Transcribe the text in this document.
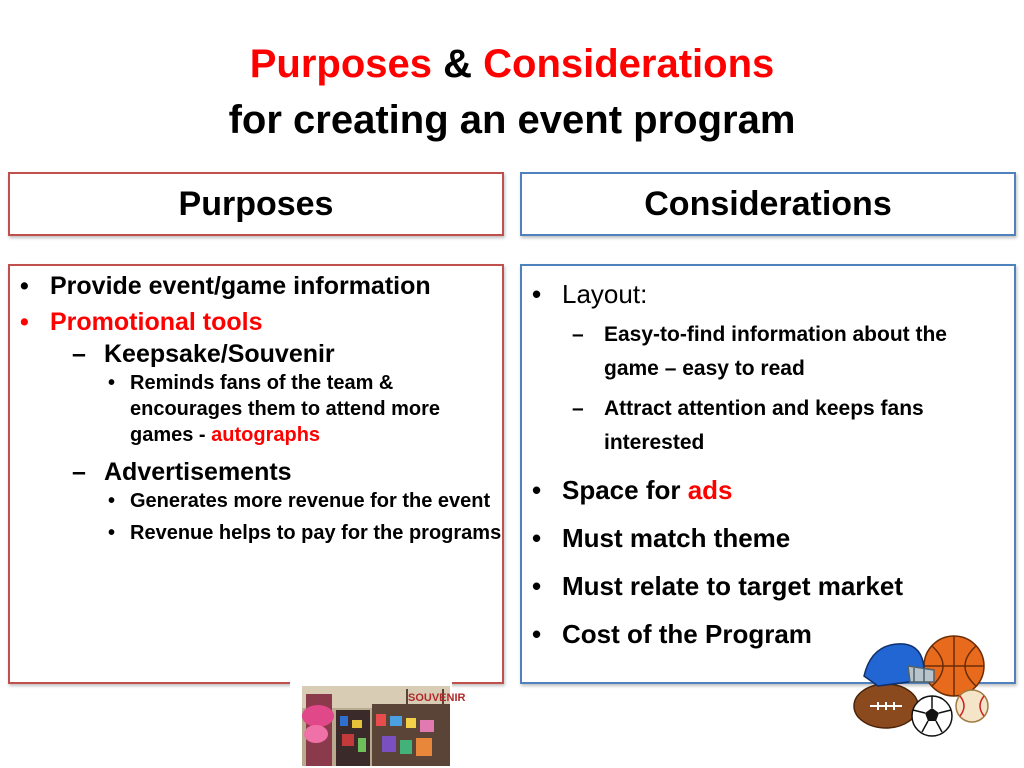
Purposes & Considerations
for creating an event program
Purposes	Considerations
• Provide event/game information
• Promotional tools
– Keepsake/Souvenir
• Reminds fans of the team & encourages them to attend more games - autographs
– Advertisements
• Generates more revenue for the event
• Revenue helps to pay for the programs
• Layout:
– Easy-to-find information about the game – easy to read
– Attract attention and keeps fans interested
• Space for ads
• Must match theme
• Must relate to target market
• Cost of the Program
SOUVENIR
